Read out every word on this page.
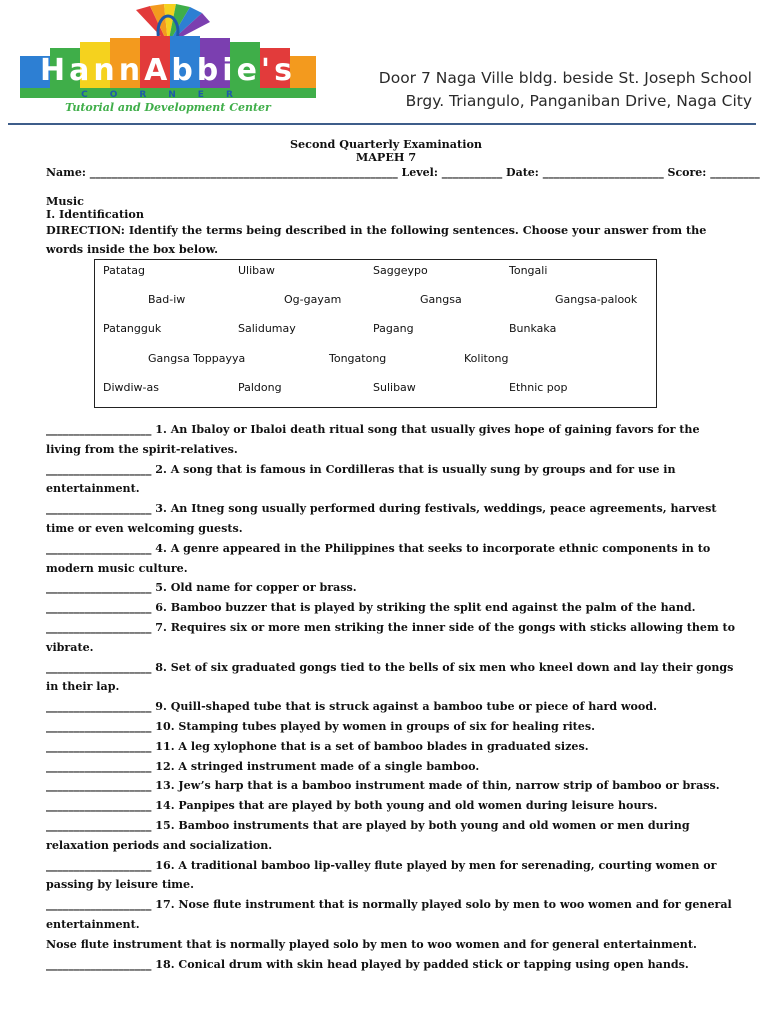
HannAbbie's
CORNER
Tutorial and Development Center
Door 7 Naga Ville bldg. beside St. Joseph School
Brgy. Triangulo, Panganiban Drive, Naga City
Second Quarterly Examination
MAPEH 7
Name: ________________________________________________________ Level: ___________ Date: ______________________ Score: _________
Music
I. Identification
DIRECTION: Identify the terms being described in the following sentences. Choose your answer from the words inside the box below.
Patatag	Ulibaw	Saggeypo	Tongali
Bad-iw	Og-gayam	Gangsa	Gangsa-palook
Patangguk	Salidumay	Pagang	Bunkaka
Gangsa Toppayya	Tongatong	Kolitong
Diwdiw-as	Paldong	Sulibaw	Ethnic pop

___________________ 1. An Ibaloy or Ibaloi death ritual song that usually gives hope of gaining favors for the living from the spirit-relatives.

___________________ 2. A song that is famous in Cordilleras that is usually sung by groups and for use in entertainment.

___________________ 3. An Itneg song usually performed during festivals, weddings, peace agreements, harvest time or even welcoming guests.

___________________ 4. A genre appeared in the Philippines that seeks to incorporate ethnic components in to modern music culture.

___________________ 5. Old name for copper or brass.

___________________ 6. Bamboo buzzer that is played by striking the split end against the palm of the hand.

___________________ 7. Requires six or more men striking the inner side of the gongs with sticks allowing them to vibrate.

___________________ 8. Set of six graduated gongs tied to the bells of six men who kneel down and lay their gongs in their lap.

___________________ 9. Quill-shaped tube that is struck against a bamboo tube or piece of hard wood.

___________________ 10. Stamping tubes played by women in groups of six for healing rites.

___________________ 11. A leg xylophone that is a set of bamboo blades in graduated sizes.

___________________ 12. A stringed instrument made of a single bamboo.

___________________ 13. Jew’s harp that is a bamboo instrument made of thin, narrow strip of bamboo or brass.

___________________ 14. Panpipes that are played by both young and old women during leisure hours.

___________________ 15. Bamboo instruments that are played by both young and old women or men during relaxation periods and socialization.

___________________ 16. A traditional bamboo lip-valley flute played by men for serenading, courting women or passing by leisure time.

___________________ 17. Nose flute instrument that is normally played solo by men to woo women and for general entertainment.

Nose flute instrument that is normally played solo by men to woo women and for general entertainment.

___________________ 18. Conical drum with skin head played by padded stick or tapping using open hands.
